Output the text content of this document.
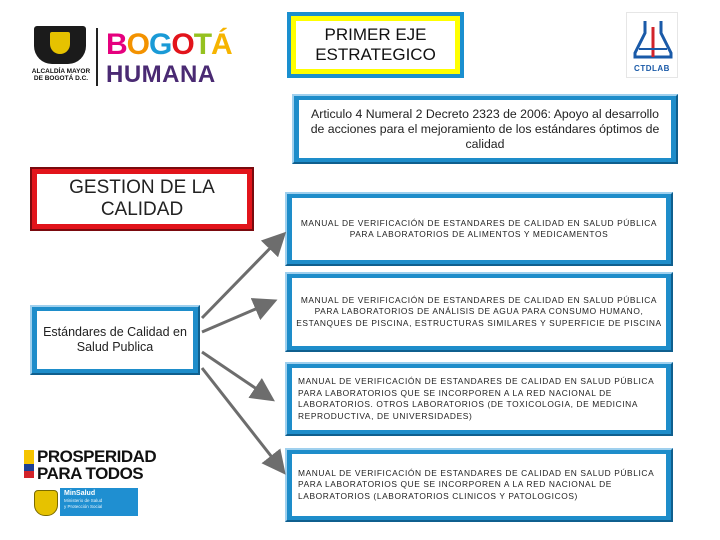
ALCALDÍA MAYOR DE BOGOTÁ D.C.
BOGOTÁ
HUMANA
PRIMER EJE ESTRATEGICO
CTDLAB
Articulo 4 Numeral 2 Decreto 2323 de 2006: Apoyo al desarrollo de acciones para el mejoramiento de los estándares óptimos de calidad
GESTION DE LA CALIDAD
Estándares de Calidad en Salud Publica
MANUAL DE VERIFICACIÓN DE ESTANDARES DE CALIDAD EN SALUD PÚBLICA PARA LABORATORIOS DE ALIMENTOS Y MEDICAMENTOS
MANUAL DE VERIFICACIÓN DE ESTANDARES DE CALIDAD EN SALUD PÚBLICA PARA LABORATORIOS DE ANÁLISIS DE AGUA PARA CONSUMO HUMANO, ESTANQUES DE PISCINA, ESTRUCTURAS SIMILARES Y SUPERFICIE DE PISCINA
MANUAL DE VERIFICACIÓN DE ESTANDARES DE CALIDAD EN SALUD PÚBLICA PARA LABORATORIOS QUE SE INCORPOREN A LA RED NACIONAL DE LABORATORIOS. OTROS LABORATORIOS (DE TOXICOLOGIA, DE MEDICINA REPRODUCTIVA, DE UNIVERSIDADES)
MANUAL DE VERIFICACIÓN DE ESTANDARES DE CALIDAD EN SALUD PÚBLICA PARA LABORATORIOS QUE SE INCORPOREN A LA RED NACIONAL DE LABORATORIOS (LABORATORIOS CLINICOS Y PATOLOGICOS)
PROSPERIDAD
PARA TODOS
MinSalud
Ministerio de Salud
y Protección Social
